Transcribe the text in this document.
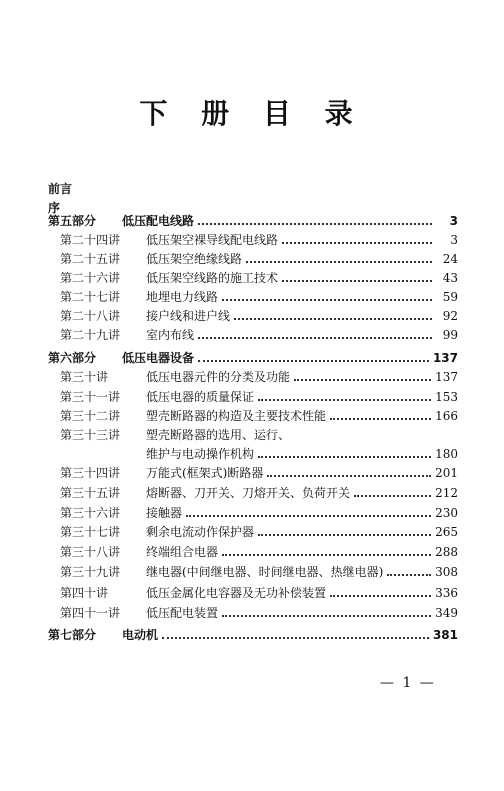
下 册 目 录
前言
序
第五部分	低压配电线路	3
第二十四讲	低压架空裸导线配电线路	3
第二十五讲	低压架空绝缘线路	24
第二十六讲	低压架空线路的施工技术	43
第二十七讲	地埋电力线路	59
第二十八讲	接户线和进户线	92
第二十九讲	室内布线	99
第六部分	低压电器设备	137
第三十讲	低压电器元件的分类及功能	137
第三十一讲	低压电器的质量保证	153
第三十二讲	塑壳断路器的构造及主要技术性能	166
第三十三讲	塑壳断路器的选用、运行、
维护与电动操作机构	180
第三十四讲	万能式(框架式)断路器	201
第三十五讲	熔断器、刀开关、刀熔开关、负荷开关	212
第三十六讲	接触器	230
第三十七讲	剩余电流动作保护器	265
第三十八讲	终端组合电器	288
第三十九讲	继电器(中间继电器、时间继电器、热继电器)	308
第四十讲	低压金属化电容器及无功补偿装置	336
第四十一讲	低压配电装置	349
第七部分	电动机	381
— 1 —
